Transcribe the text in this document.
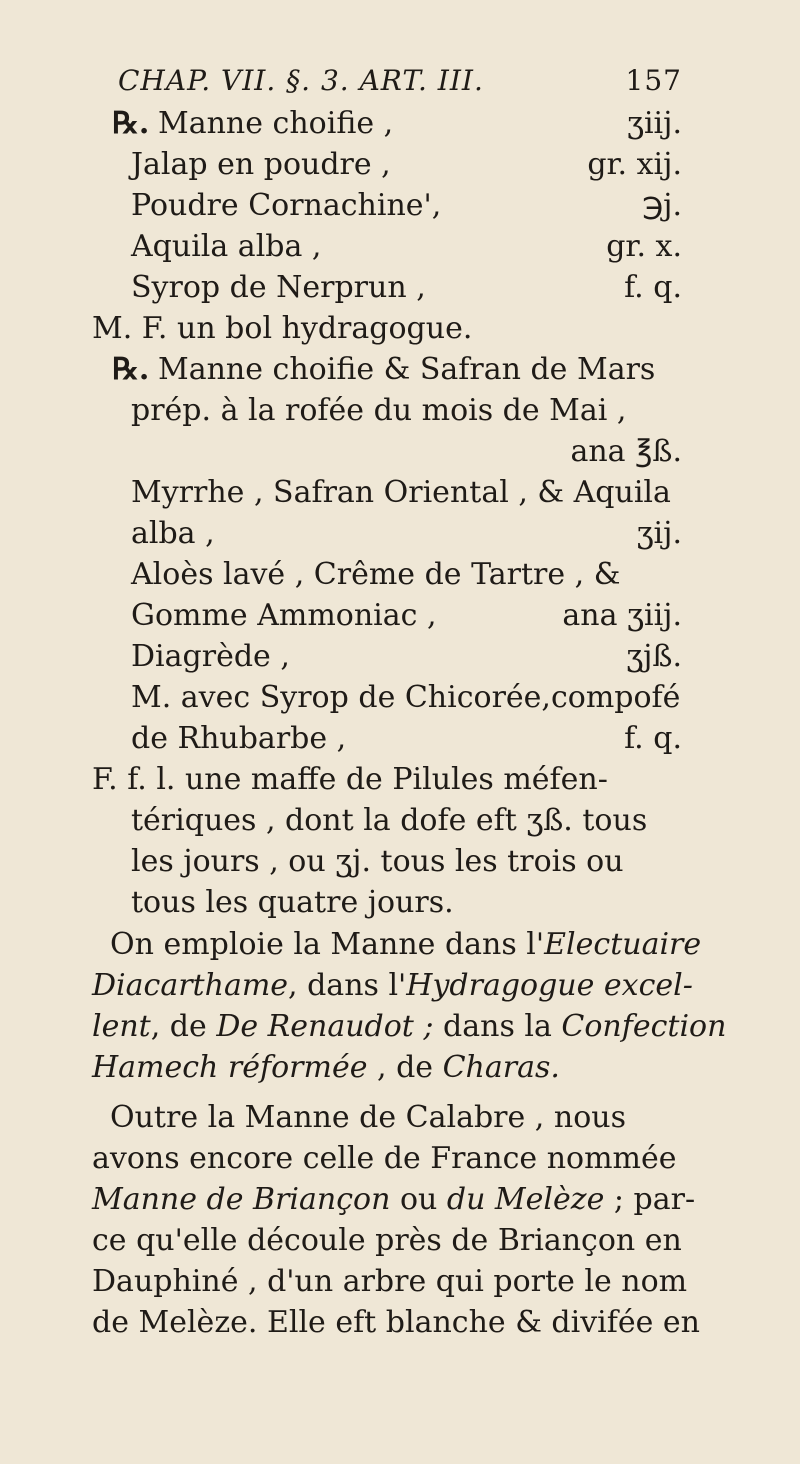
CHAP. VII. §. 3. ART. III.	157
℞. Manne choifie ,	ʒiij.
Jalap en poudre ,	gr. xij.
Poudre Cornachine',	℈j.
Aquila alba ,	gr. x.
Syrop de Nerprun ,	f. q.
M. F. un bol hydragogue.
℞. Manne choifie & Safran de Mars
prép. à la rofée du mois de Mai ,
ana ℥ß.
Myrrhe , Safran Oriental , & Aquila
alba ,	ʒij.
Aloès lavé , Crême de Tartre , &
Gomme Ammoniac ,	ana ʒiij.
Diagrède ,	ʒjß.
M. avec Syrop de Chicorée,compofé
de Rhubarbe ,	f. q.
F. f. l. une maffe de Pilules méfen-
tériques , dont la dofe eft ʒß. tous
les jours , ou ʒj. tous les trois ou
tous les quatre jours.
On emploie la Manne dans l'Electuaire
Diacarthame, dans l'Hydragogue excel-
lent, de De Renaudot ; dans la Confection
Hamech réformée , de Charas.
Outre la Manne de Calabre , nous
avons encore celle de France nommée
Manne de Briançon ou du Melèze ; par-
ce qu'elle découle près de Briançon en
Dauphiné , d'un arbre qui porte le nom
de Melèze. Elle eft blanche & divifée en
